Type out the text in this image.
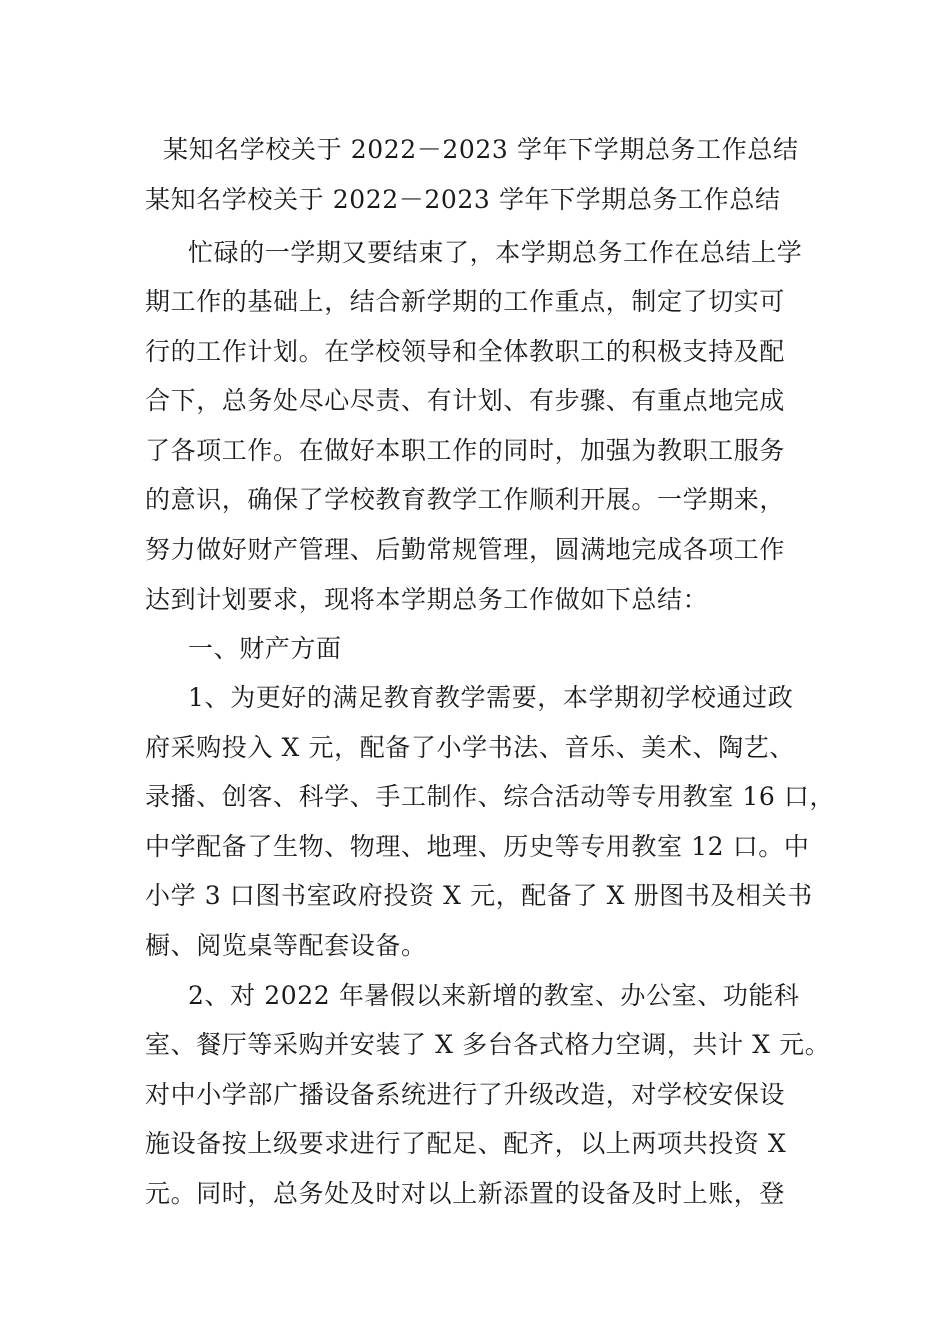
某知名学校关于 2022－2023 学年下学期总务工作总结
某知名学校关于 2022－2023 学年下学期总务工作总结
忙碌的一学期又要结束了，本学期总务工作在总结上学
期工作的基础上，结合新学期的工作重点，制定了切实可
行的工作计划。在学校领导和全体教职工的积极支持及配
合下，总务处尽心尽责、有计划、有步骤、有重点地完成
了各项工作。在做好本职工作的同时，加强为教职工服务
的意识，确保了学校教育教学工作顺利开展。一学期来，
努力做好财产管理、后勤常规管理，圆满地完成各项工作
达到计划要求，现将本学期总务工作做如下总结：
一、财产方面
1、为更好的满足教育教学需要，本学期初学校通过政
府采购投入 X 元，配备了小学书法、音乐、美术、陶艺、
录播、创客、科学、手工制作、综合活动等专用教室 16 口，
中学配备了生物、物理、地理、历史等专用教室 12 口。中
小学 3 口图书室政府投资 X 元，配备了 X 册图书及相关书
橱、阅览桌等配套设备。
2、对 2022 年暑假以来新增的教室、办公室、功能科
室、餐厅等采购并安装了 X 多台各式格力空调，共计 X 元。
对中小学部广播设备系统进行了升级改造，对学校安保设
施设备按上级要求进行了配足、配齐，以上两项共投资 X
元。同时，总务处及时对以上新添置的设备及时上账，登
